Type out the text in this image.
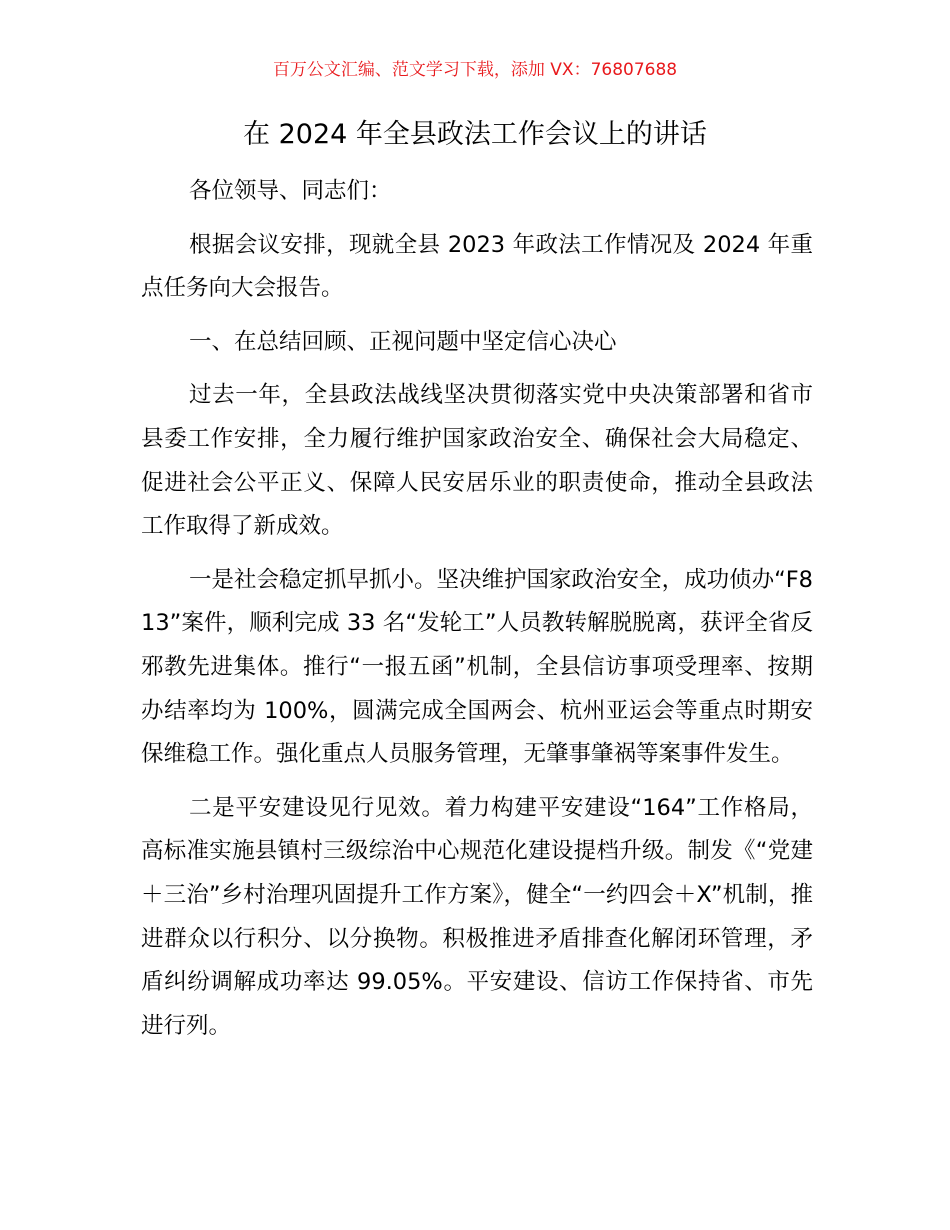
百万公文汇编、范文学习下载，添加 VX：76807688
在 2024 年全县政法工作会议上的讲话

各位领导、同志们：

根据会议安排，现就全县 2023 年政法工作情况及 2024 年重点任务向大会报告。

一、在总结回顾、正视问题中坚定信心决心

过去一年，全县政法战线坚决贯彻落实党中央决策部署和省市县委工作安排，全力履行维护国家政治安全、确保社会大局稳定、促进社会公平正义、保障人民安居乐业的职责使命，推动全县政法工作取得了新成效。

一是社会稳定抓早抓小。坚决维护国家政治安全，成功侦办“F813”案件，顺利完成 33 名“发轮工”人员教转解脱脱离，获评全省反邪教先进集体。推行“一报五函”机制，全县信访事项受理率、按期办结率均为 100%，圆满完成全国两会、杭州亚运会等重点时期安保维稳工作。强化重点人员服务管理，无肇事肇祸等案事件发生。

二是平安建设见行见效。着力构建平安建设“164”工作格局，高标准实施县镇村三级综治中心规范化建设提档升级。制发《“党建＋三治”乡村治理巩固提升工作方案》，健全“一约四会＋X”机制，推进群众以行积分、以分换物。积极推进矛盾排查化解闭环管理，矛盾纠纷调解成功率达 99.05%。平安建设、信访工作保持省、市先进行列。
